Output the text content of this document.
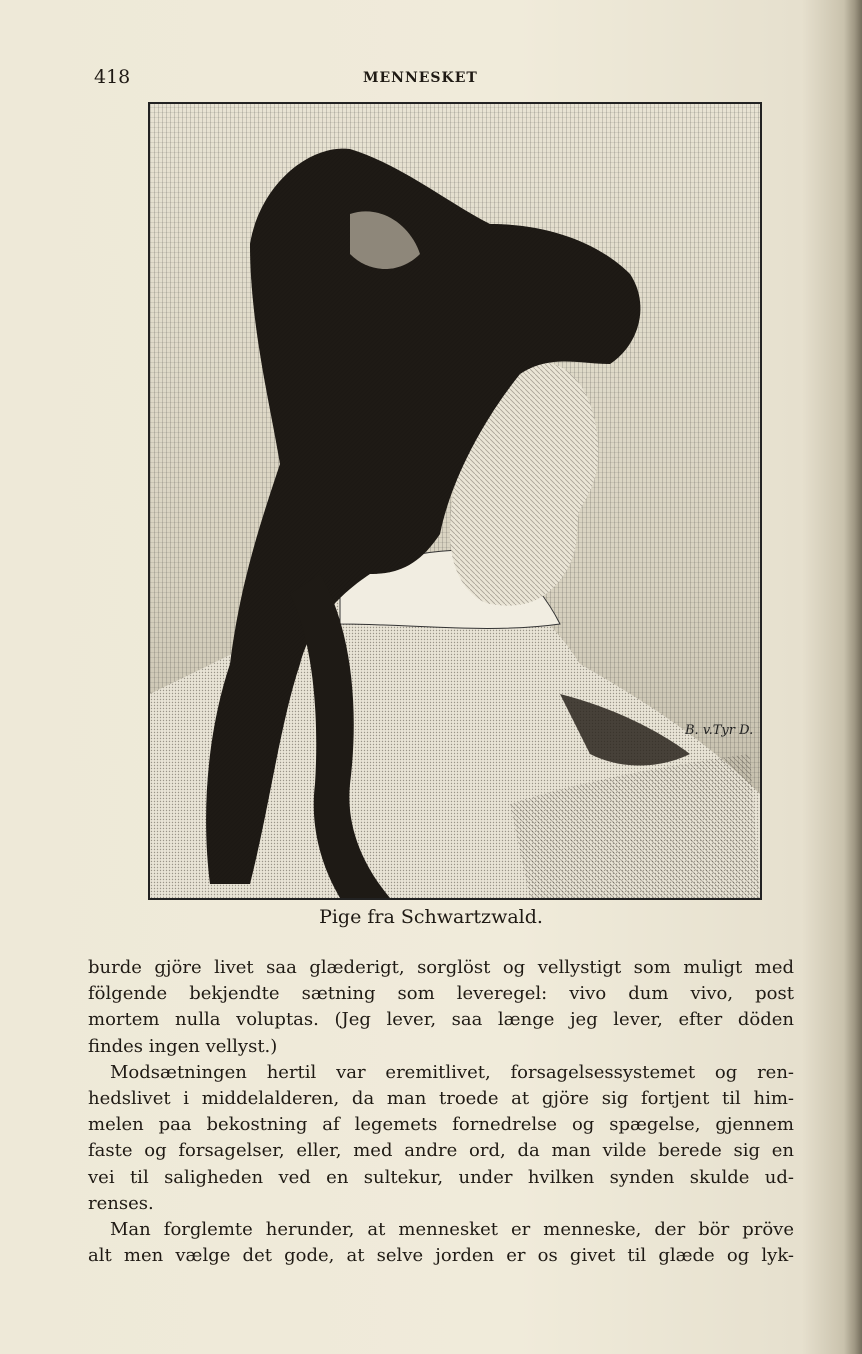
418	MENNESKET
B. v.Tyr D.
Pige fra Schwartzwald.
burde gjöre livet saa glæderigt, sorglöst og vellystigt som muligt med
fölgende bekjendte sætning som leveregel: vivo dum vivo, post
mortem nulla voluptas. (Jeg lever, saa længe jeg lever, efter döden
findes ingen vellyst.)
Modsætningen hertil var eremitlivet, forsagelsessystemet og ren-
hedslivet i middelalderen, da man troede at gjöre sig fortjent til him-
melen paa bekostning af legemets fornedrelse og spægelse, gjennem
faste og forsagelser, eller, med andre ord, da man vilde berede sig en
vei til saligheden ved en sultekur, under hvilken synden skulde ud-
renses.
Man forglemte herunder, at mennesket er menneske, der bör pröve
alt men vælge det gode, at selve jorden er os givet til glæde og lyk-
